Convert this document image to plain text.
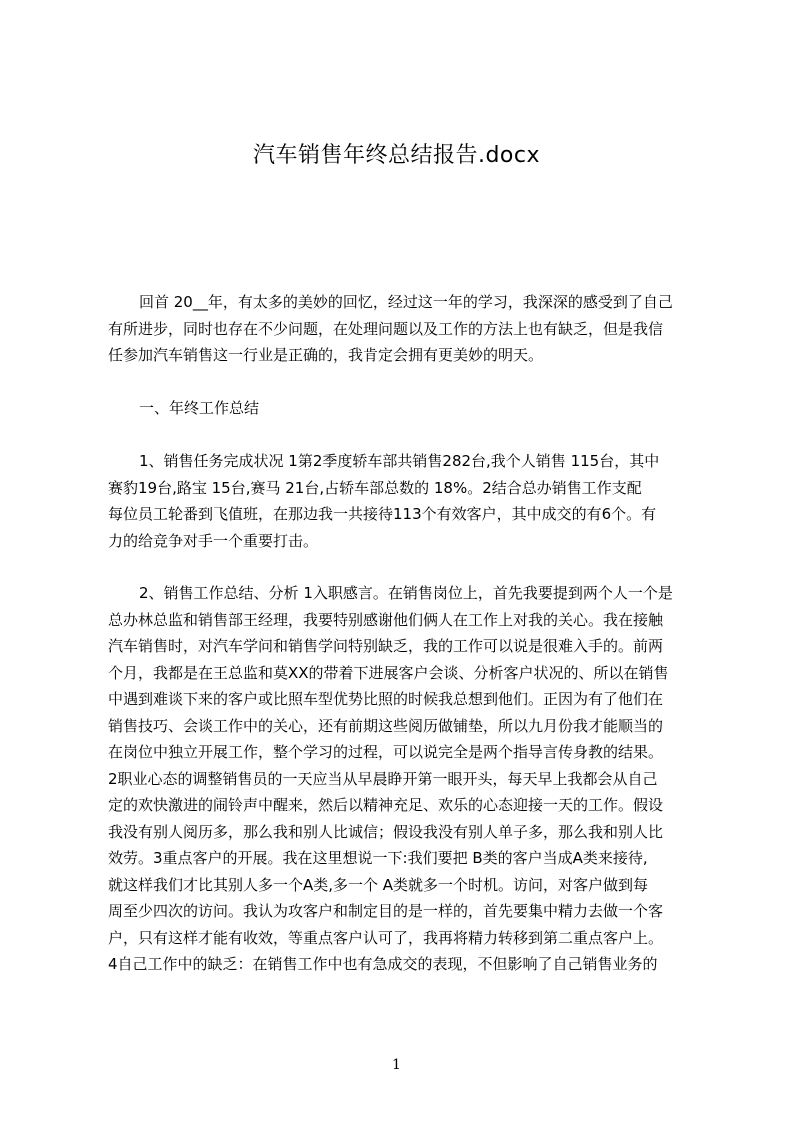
汽车销售年终总结报告.docx
回首 20__年，有太多的美妙的回忆，经过这一年的学习，我深深的感受到了自己
有所进步，同时也存在不少问题，在处理问题以及工作的方法上也有缺乏，但是我信
任参加汽车销售这一行业是正确的，我肯定会拥有更美妙的明天。
一、年终工作总结
1、销售任务完成状况 1第2季度轿车部共销售282台,我个人销售 115台，其中
赛豹19台,路宝 15台,赛马 21台,占轿车部总数的 18%。2结合总办销售工作支配
每位员工轮番到飞值班，在那边我一共接待113个有效客户，其中成交的有6个。有
力的给竞争对手一个重要打击。
2、销售工作总结、分析 1入职感言。在销售岗位上，首先我要提到两个人一个是
总办林总监和销售部王经理，我要特别感谢他们俩人在工作上对我的关心。我在接触
汽车销售时，对汽车学问和销售学问特别缺乏，我的工作可以说是很难入手的。前两
个月，我都是在王总监和莫XX的带着下进展客户会谈、分析客户状况的、所以在销售
中遇到难谈下来的客户或比照车型优势比照的时候我总想到他们。正因为有了他们在
销售技巧、会谈工作中的关心，还有前期这些阅历做铺垫，所以九月份我才能顺当的
在岗位中独立开展工作，整个学习的过程，可以说完全是两个指导言传身教的结果。
2职业心态的调整销售员的一天应当从早晨睁开第一眼开头，每天早上我都会从自己
定的欢快激进的闹铃声中醒来，然后以精神充足、欢乐的心态迎接一天的工作。假设
我没有别人阅历多，那么我和别人比诚信；假设我没有别人单子多，那么我和别人比
效劳。3重点客户的开展。我在这里想说一下:我们要把 B类的客户当成A类来接待,
就这样我们才比其别人多一个A类,多一个 A类就多一个时机。访问，对客户做到每
周至少四次的访问。我认为攻客户和制定目的是一样的，首先要集中精力去做一个客
户，只有这样才能有收效，等重点客户认可了，我再将精力转移到第二重点客户上。
4自己工作中的缺乏：在销售工作中也有急成交的表现，不但影响了自己销售业务的
1
